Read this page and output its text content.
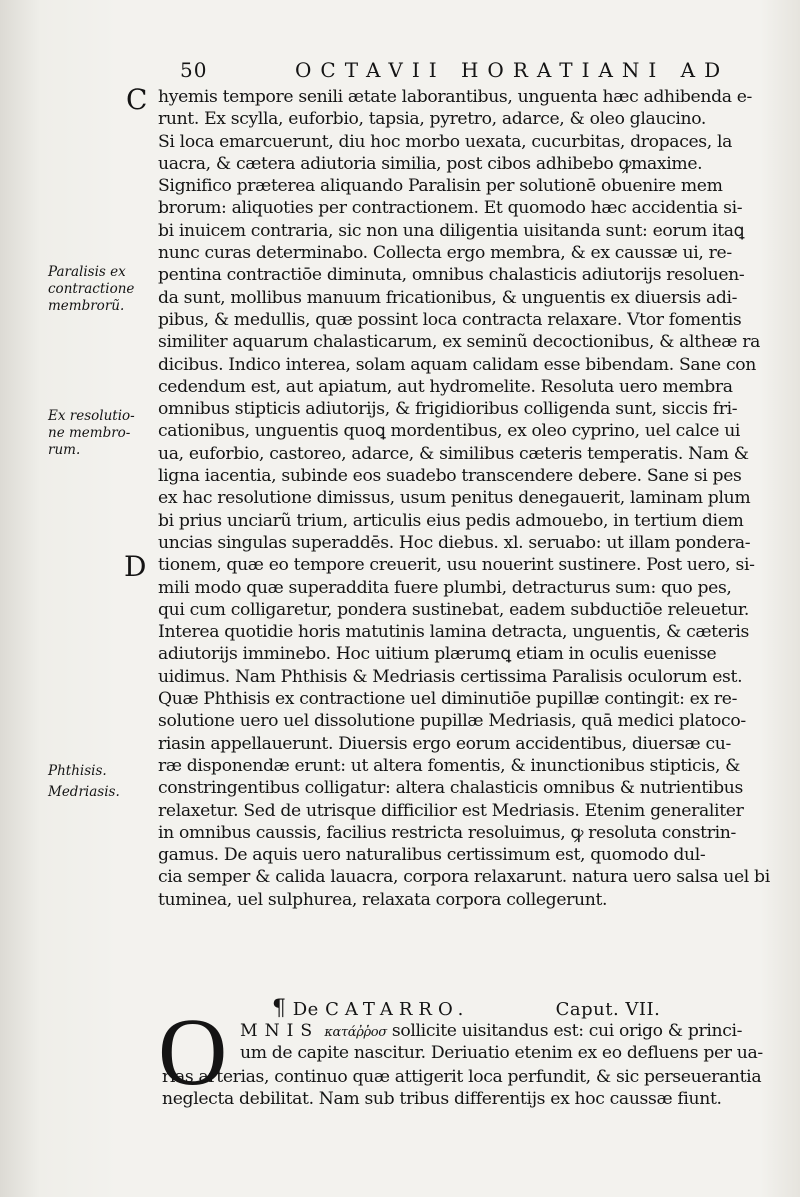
50	OCTAVII HORATIANI AD
C
D
Paralisis ex
contractione
membrorũ.
Ex resolutio-
ne membro-
rum.
Phthisis.
Medriasis.
hyemis tempore senili ætate laborantibus, unguenta hæc adhibenda e-
runt. Ex scylla, euforbio, tapsia, pyretro, adarce, & oleo glaucino.
Si loca emarcuerunt, diu hoc morbo uexata, cucurbitas, dropaces, la
uacra, & cætera adiutoria similia, post cibos adhibebo ꝙmaxime.
Significo præterea aliquando Paralisin per solutionē obuenire mem
brorum: aliquoties per contractionem. Et quomodo hæc accidentia si-
bi inuicem contraria, sic non una diligentia uisitanda sunt: eorum itaꝗ
nunc curas determinabo. Collecta ergo membra, & ex caussæ ui, re-
pentina contractiōe diminuta, omnibus chalasticis adiutorijs resoluen-
da sunt, mollibus manuum fricationibus, & unguentis ex diuersis adi-
pibus, & medullis, quæ possint loca contracta relaxare. Vtor fomentis
similiter aquarum chalasticarum, ex seminũ decoctionibus, & altheæ ra
dicibus. Indico interea, solam aquam calidam esse bibendam. Sane con
cedendum est, aut apiatum, aut hydromelite. Resoluta uero membra
omnibus stipticis adiutorijs, & frigidioribus colligenda sunt, siccis fri-
cationibus, unguentis quoꝗ mordentibus, ex oleo cyprino, uel calce ui
ua, euforbio, castoreo, adarce, & similibus cæteris temperatis. Nam &
ligna iacentia, subinde eos suadebo transcendere debere. Sane si pes
ex hac resolutione dimissus, usum penitus denegauerit, laminam plum
bi prius unciarũ trium, articulis eius pedis admouebo, in tertium diem
uncias singulas superaddēs. Hoc diebus. xl. seruabo: ut illam pondera-
tionem, quæ eo tempore creuerit, usu nouerint sustinere. Post uero, si-
mili modo quæ superaddita fuere plumbi, detracturus sum: quo pes,
qui cum colligaretur, pondera sustinebat, eadem subductiōe releuetur.
Interea quotidie horis matutinis lamina detracta, unguentis, & cæteris
adiutorijs imminebo. Hoc uitium plærumꝗ etiam in oculis euenisse
uidimus. Nam Phthisis & Medriasis certissima Paralisis oculorum est.
Quæ Phthisis ex contractione uel diminutiōe pupillæ contingit: ex re-
solutione uero uel dissolutione pupillæ Medriasis, quā medici platoco-
riasin appellauerunt. Diuersis ergo eorum accidentibus, diuersæ cu-
ræ disponendæ erunt: ut altera fomentis, & inunctionibus stipticis, &
constringentibus colligatur: altera chalasticis omnibus & nutrientibus
relaxetur. Sed de utrisque difficilior est Medriasis. Etenim generaliter
in omnibus caussis, facilius restricta resoluimus, ꝙ resoluta constrin-
gamus. De aquis uero naturalibus certissimum est, quomodo dul-
cia semper & calida lauacra, corpora relaxarunt. natura uero salsa uel bi
tuminea, uel sulphurea, relaxata corpora collegerunt.
¶ De CATARRO.	Caput. VII.
O MNIS κατάῤῥοσ sollicite uisitandus est: cui origo & princi-
um de capite nascitur. Deriuatio etenim ex eo defluens per ua-
rias arterias, continuo quæ attigerit loca perfundit, & sic perseuerantia
neglecta debilitat. Nam sub tribus differentijs ex hoc caussæ fiunt.
